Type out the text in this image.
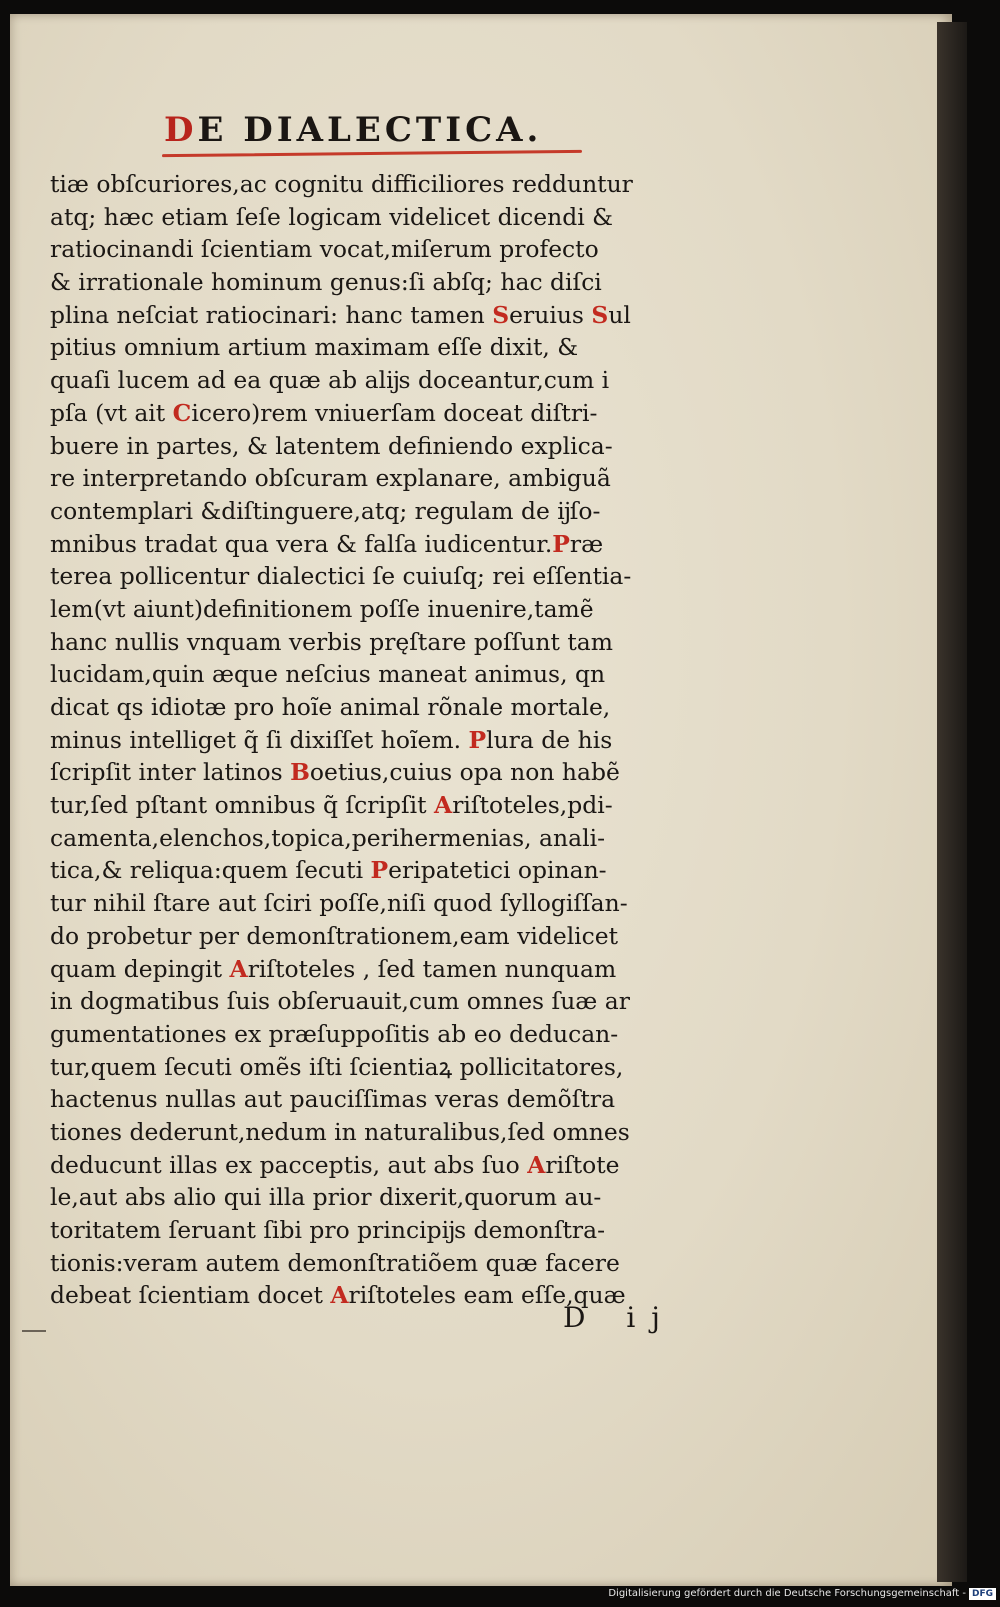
DE DIALECTICA.
tiæ obſcuriores,ac cognitu difficiliores redduntur
atq; hæc etiam ſeſe logicam videlicet dicendi &
ratiocinandi ſcientiam vocat,miſerum profecto
& irrationale hominum genus:ſi abſq; hac diſci
plina neſciat ratiocinari: hanc tamen Seruius Sul
pitius omnium artium maximam eſſe dixit, &
quaſi lucem ad ea quæ ab alĳs doceantur,cum i
pſa (vt ait Cicero)rem vniuerſam doceat diſtri-
buere in partes, & latentem definiendo explica-
re interpretando obſcuram explanare, ambiguã
contemplari &diſtinguere,atq; regulam de ĳſo-
mnibus tradat qua vera & falſa iudicentur.Præ
terea pollicentur dialectici ſe cuiuſq; rei eſſentia-
lem(vt aiunt)definitionem poſſe inuenire,tamẽ
hanc nullis vnquam verbis pręſtare poſſunt tam
lucidam,quin æque neſcius maneat animus, qn
dicat qs idiotæ pro hoĩe animal rõnale mortale,
minus intelliget q̃ ſi dixiſſet hoĩem. Plura de his
ſcripſit inter latinos Boetius,cuius opa non habẽ
tur,ſed pſtant omnibus q̃ ſcripſit Ariſtoteles,pdi-
camenta,elenchos,topica,perihermenias, anali-
tica,& reliqua:quem ſecuti Peripatetici opinan-
tur nihil ſtare aut ſciri poſſe,niſi quod ſyllogiſſan-
do probetur per demonſtrationem,eam videlicet
quam depingit Ariſtoteles , ſed tamen nunquam
in dogmatibus ſuis obſeruauit,cum omnes ſuæ ar
gumentationes ex præſuppoſitis ab eo deducan-
tur,quem ſecuti omẽs iſti ſcientiaꝝ pollicitatores,
hactenus nullas aut pauciſſimas veras demõſtra
tiones dederunt,nedum in naturalibus,ſed omnes
deducunt illas ex pacceptis, aut abs ſuo Ariſtote
le,aut abs alio qui illa prior dixerit,quorum au-
toritatem ſeruant ſibi pro principĳs demonſtra-
tionis:veram autem demonſtratiõem quæ facere
debeat ſcientiam docet Ariſtoteles eam eſſe,quæ
D ij
Digitalisierung gefördert durch die Deutsche Forschungsgemeinschaft - DFG
